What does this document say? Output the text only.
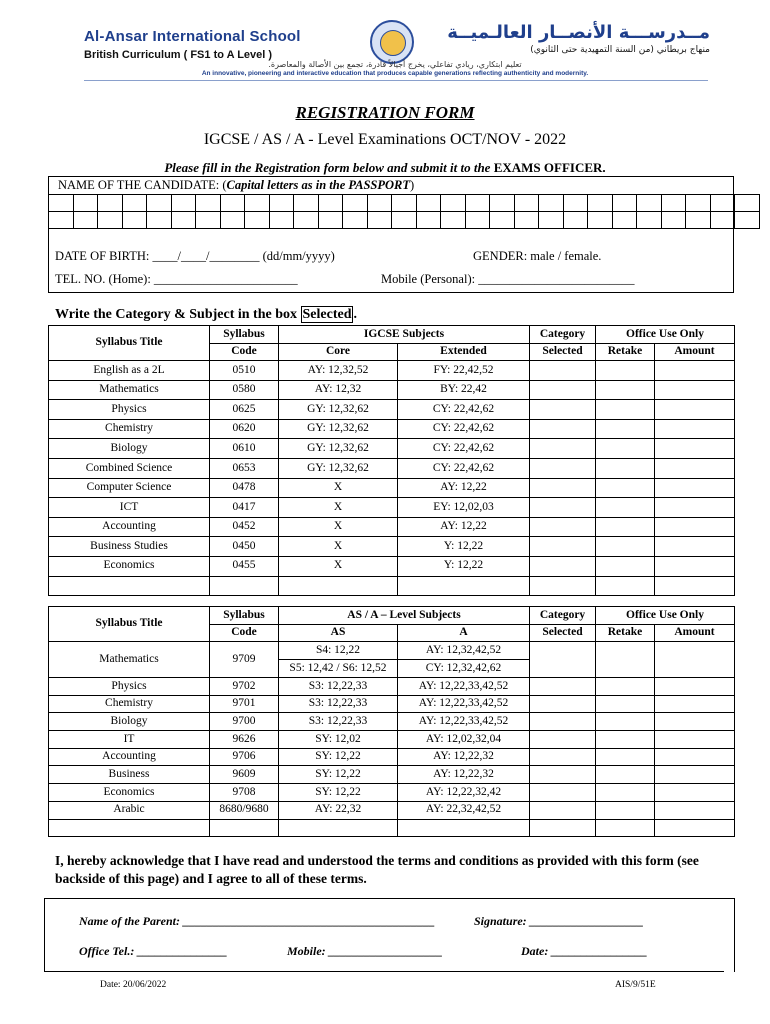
Al-Ansar International School
British Curriculum ( FS1 to A Level )
مــدرســـة الأنصــار العالـميــة
منهاج بريطاني (من السنة التمهيدية حتى الثانوي)
تعليم ابتكاري، ريادي تفاعلي، يخرج أجيالاً قادرة، تجمع بين الأصالة والمعاصرة.
An innovative, pioneering and interactive education that produces capable generations reflecting authenticity and modernity.
REGISTRATION FORM
IGCSE / AS / A - Level Examinations OCT/NOV - 2022
Please fill in the Registration form below and submit it to the EXAMS OFFICER.
NAME OF THE CANDIDATE: (Capital letters as in the PASSPORT)

DATE OF BIRTH: ____/____/________ (dd/mm/yyyy)	GENDER: male / female.
TEL. NO. (Home): _______________________	Mobile (Personal): _________________________
Write the Category & Subject in the box Selected .
Syllabus Title	Syllabus	IGCSE Subjects		Category	Office Use Only	
	Code	Core	Extended	Selected	Retake	Amount
English as a 2L	0510	AY: 12,32,52	FY: 22,42,52			
Mathematics	0580	AY: 12,32	BY: 22,42			
Physics	0625	GY: 12,32,62	CY: 22,42,62			
Chemistry	0620	GY: 12,32,62	CY: 22,42,62			
Biology	0610	GY: 12,32,62	CY: 22,42,62			
Combined Science	0653	GY: 12,32,62	CY: 22,42,62			
Computer Science	0478	X	AY: 12,22			
ICT	0417	X	EY: 12,02,03			
Accounting	0452	X	AY: 12,22			
Business Studies	0450	X	Y: 12,22			
Economics	0455	X	Y: 12,22			

Syllabus Title	Syllabus	AS / A – Level Subjects		Category	Office Use Only	
	Code	AS	A	Selected	Retake	Amount
Mathematics	9709	S4: 12,22	AY: 12,32,42,52			
		S5: 12,42 / S6: 12,52	CY: 12,32,42,62			
Physics	9702	S3: 12,22,33	AY: 12,22,33,42,52			
Chemistry	9701	S3: 12,22,33	AY: 12,22,33,42,52			
Biology	9700	S3: 12,22,33	AY: 12,22,33,42,52			
IT	9626	SY: 12,02	AY: 12,02,32,04			
Accounting	9706	SY: 12,22	AY: 12,22,32			
Business	9609	SY: 12,22	AY: 12,22,32			
Economics	9708	SY: 12,22	AY: 12,22,32,42			
Arabic	8680/9680	AY: 22,32	AY: 22,32,42,52			

I, hereby acknowledge that I have read and understood the terms and conditions as provided with this form (see backside of this page) and I agree to all of these terms.
Name of the Parent: __________________________________________	Signature: ___________________
Office Tel.: _______________	Mobile: ___________________	Date: ________________
Date: 20/06/2022	AIS/9/51E
